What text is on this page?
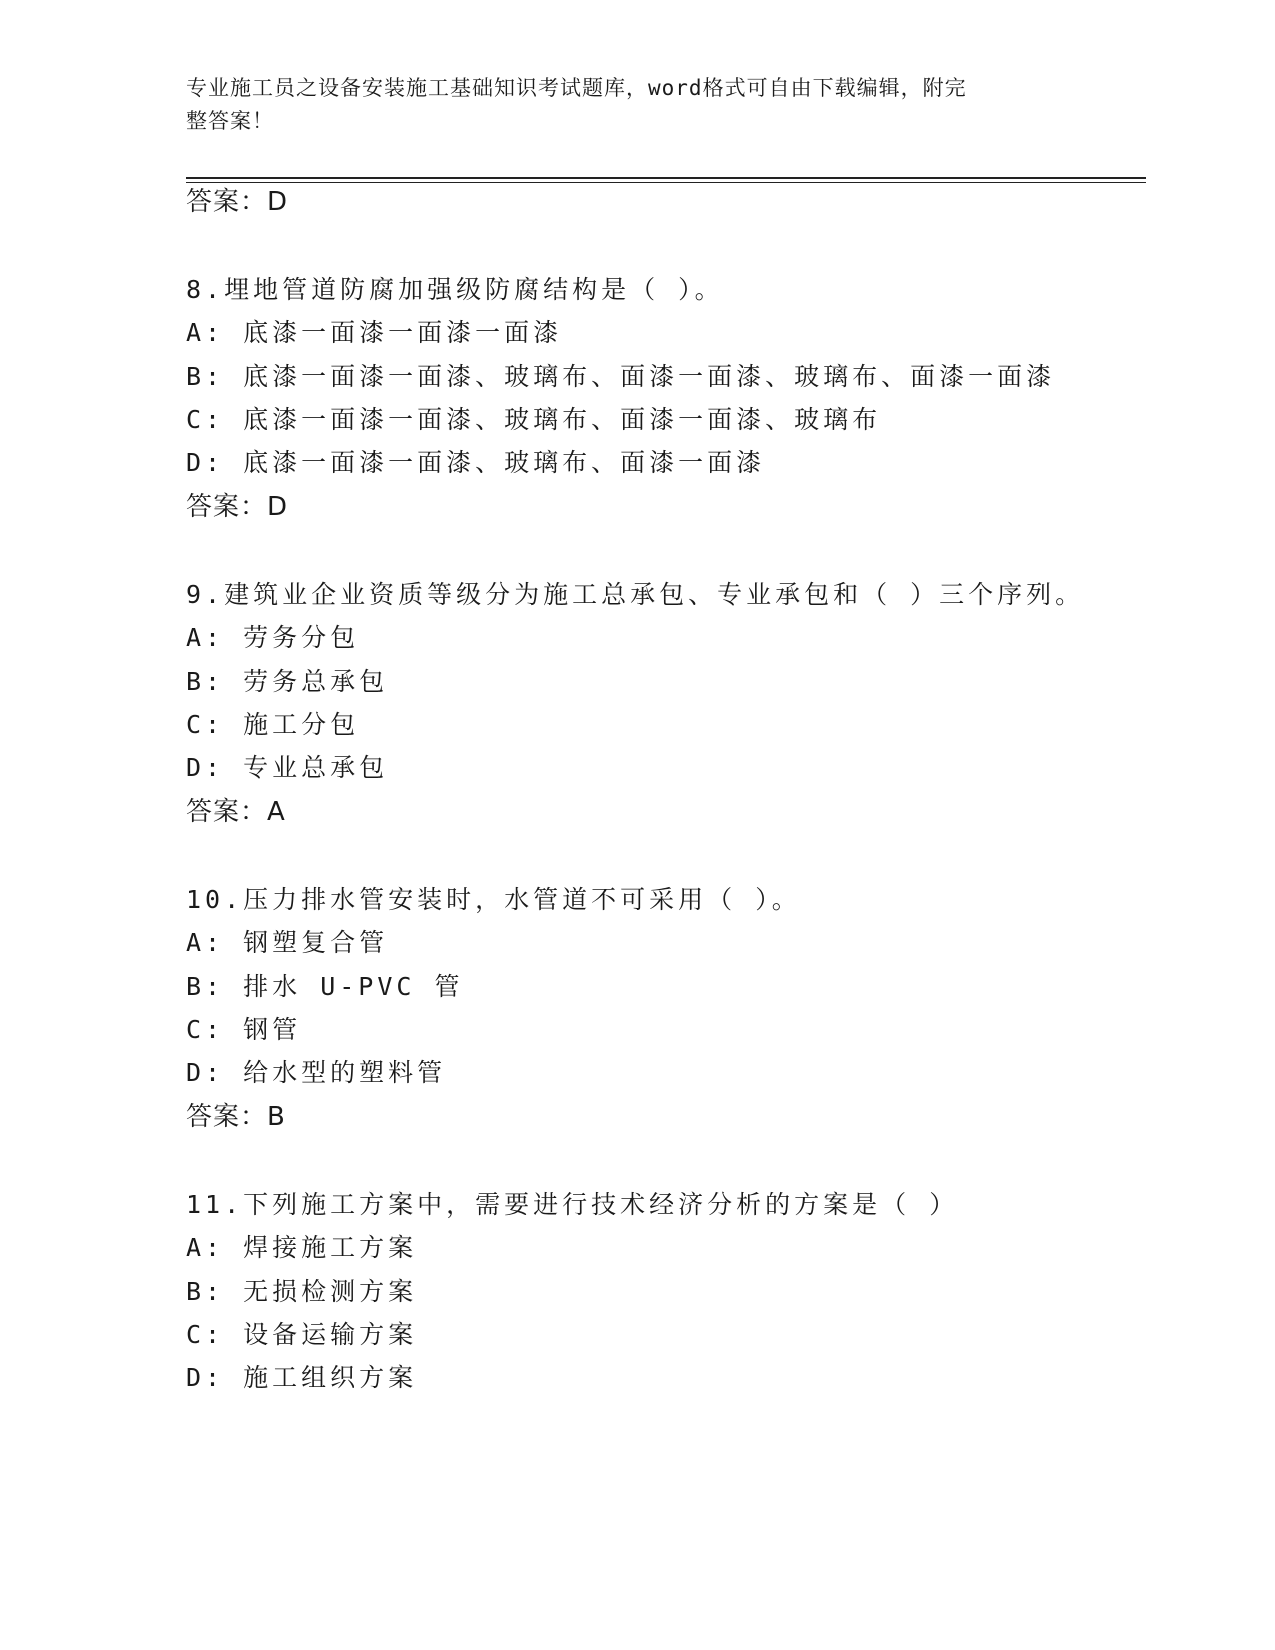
专业施工员之设备安装施工基础知识考试题库，word格式可自由下载编辑，附完
整答案！
答案：D
8.埋地管道防腐加强级防腐结构是（ ）。
A: 底漆一面漆一面漆一面漆
B: 底漆一面漆一面漆、玻璃布、面漆一面漆、玻璃布、面漆一面漆
C: 底漆一面漆一面漆、玻璃布、面漆一面漆、玻璃布
D: 底漆一面漆一面漆、玻璃布、面漆一面漆
答案：D
9.建筑业企业资质等级分为施工总承包、专业承包和（ ）三个序列。
A: 劳务分包
B: 劳务总承包
C: 施工分包
D: 专业总承包
答案：A
10.压力排水管安装时，水管道不可采用（ ）。
A: 钢塑复合管
B: 排水 U-PVC 管
C: 钢管
D: 给水型的塑料管
答案：B
11.下列施工方案中，需要进行技术经济分析的方案是（ ）
A: 焊接施工方案
B: 无损检测方案
C: 设备运输方案
D: 施工组织方案
